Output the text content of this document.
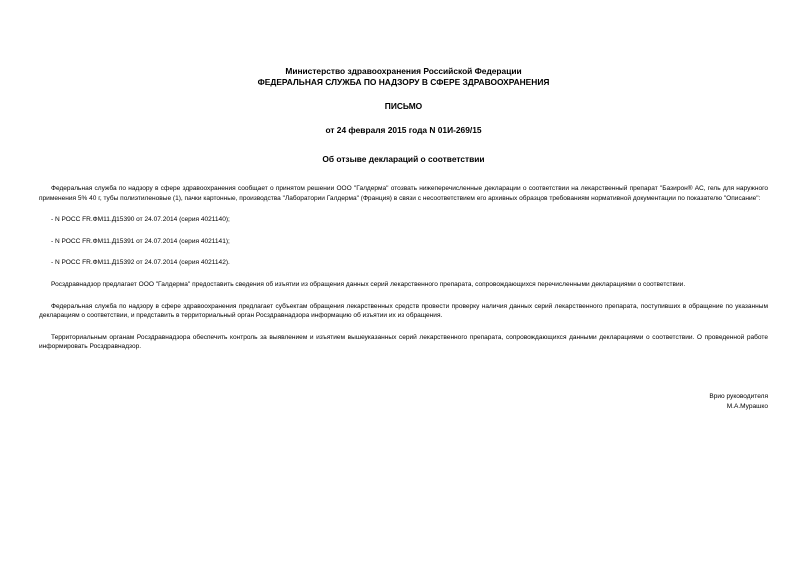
Министерство здравоохранения Российской Федерации
ФЕДЕРАЛЬНАЯ СЛУЖБА ПО НАДЗОРУ В СФЕРЕ ЗДРАВООХРАНЕНИЯ
ПИСЬМО
от 24 февраля 2015 года N 01И-269/15
Об отзыве деклараций о соответствии

Федеральная служба по надзору в сфере здравоохранения сообщает о принятом решении ООО "Галдерма" отозвать нижеперечисленные декларации о соответствии на лекарственный препарат "Базирон® АС, гель для наружного применения 5% 40 г, тубы полиэтиленовые (1), пачки картонные, производства "Лаборатории Галдерма" (Франция) в связи с несоответствием его архивных образцов требованиям нормативной документации по показателю "Описание":

- N РОСС FR.ФМ11.Д15390 от 24.07.2014 (серия 4021140);

- N РОСС FR.ФМ11.Д15391 от 24.07.2014 (серия 4021141);

- N РОСС FR.ФМ11.Д15392 от 24.07.2014 (серия 4021142).

Росздравнадзор предлагает ООО "Галдерма" предоставить сведения об изъятии из обращения данных серий лекарственного препарата, сопровождающихся перечисленными декларациями о соответствии.

Федеральная служба по надзору в сфере здравоохранения предлагает субъектам обращения лекарственных средств провести проверку наличия данных серий лекарственного препарата, поступивших в обращение по указанным декларациям о соответствии, и представить в территориальный орган Росздравнадзора информацию об изъятии их из обращения.

Территориальным органам Росздравнадзора обеспечить контроль за выявлением и изъятием вышеуказанных серий лекарственного препарата, сопровождающихся данными декларациями о соответствии. О проведенной работе информировать Росздравнадзор.

Врио руководителя
М.А.Мурашко
